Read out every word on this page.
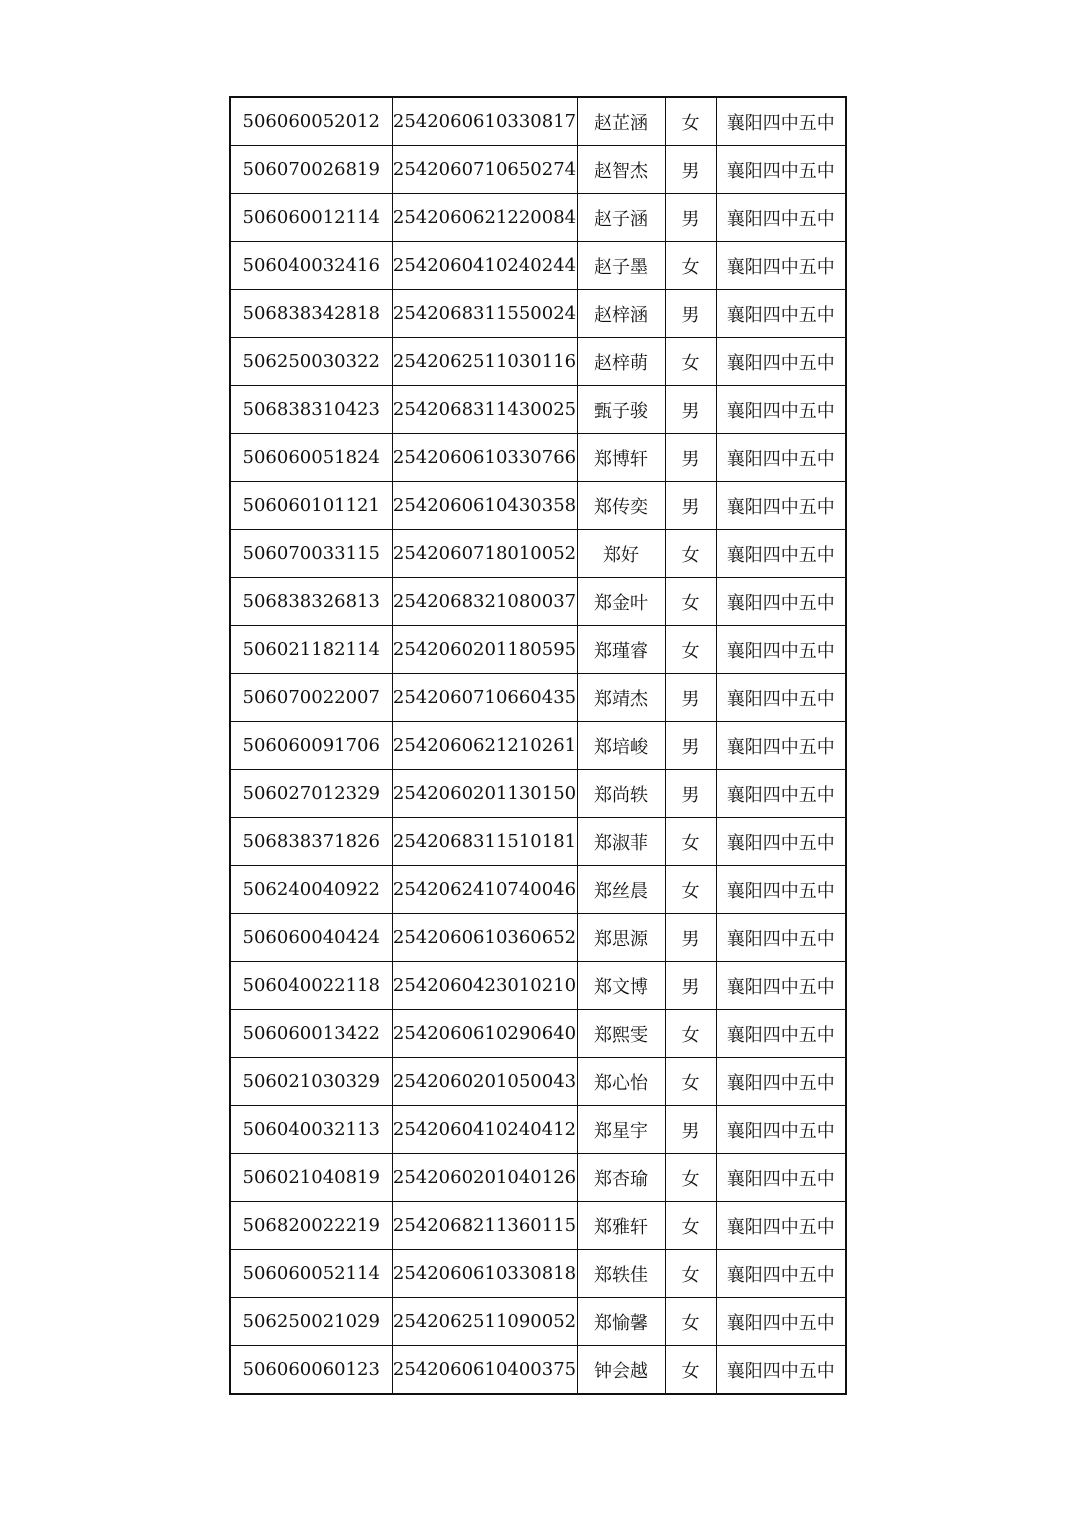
506060052012	2542060610330817	赵芷涵	女	襄阳四中五中
506070026819	2542060710650274	赵智杰	男	襄阳四中五中
506060012114	2542060621220084	赵子涵	男	襄阳四中五中
506040032416	2542060410240244	赵子墨	女	襄阳四中五中
506838342818	2542068311550024	赵梓涵	男	襄阳四中五中
506250030322	2542062511030116	赵梓萌	女	襄阳四中五中
506838310423	2542068311430025	甄子骏	男	襄阳四中五中
506060051824	2542060610330766	郑博轩	男	襄阳四中五中
506060101121	2542060610430358	郑传奕	男	襄阳四中五中
506070033115	2542060718010052	郑好	女	襄阳四中五中
506838326813	2542068321080037	郑金叶	女	襄阳四中五中
506021182114	2542060201180595	郑瑾睿	女	襄阳四中五中
506070022007	2542060710660435	郑靖杰	男	襄阳四中五中
506060091706	2542060621210261	郑培峻	男	襄阳四中五中
506027012329	2542060201130150	郑尚轶	男	襄阳四中五中
506838371826	2542068311510181	郑淑菲	女	襄阳四中五中
506240040922	2542062410740046	郑丝晨	女	襄阳四中五中
506060040424	2542060610360652	郑思源	男	襄阳四中五中
506040022118	2542060423010210	郑文博	男	襄阳四中五中
506060013422	2542060610290640	郑熙雯	女	襄阳四中五中
506021030329	2542060201050043	郑心怡	女	襄阳四中五中
506040032113	2542060410240412	郑星宇	男	襄阳四中五中
506021040819	2542060201040126	郑杏瑜	女	襄阳四中五中
506820022219	2542068211360115	郑雅轩	女	襄阳四中五中
506060052114	2542060610330818	郑轶佳	女	襄阳四中五中
506250021029	2542062511090052	郑愉馨	女	襄阳四中五中
506060060123	2542060610400375	钟会越	女	襄阳四中五中
